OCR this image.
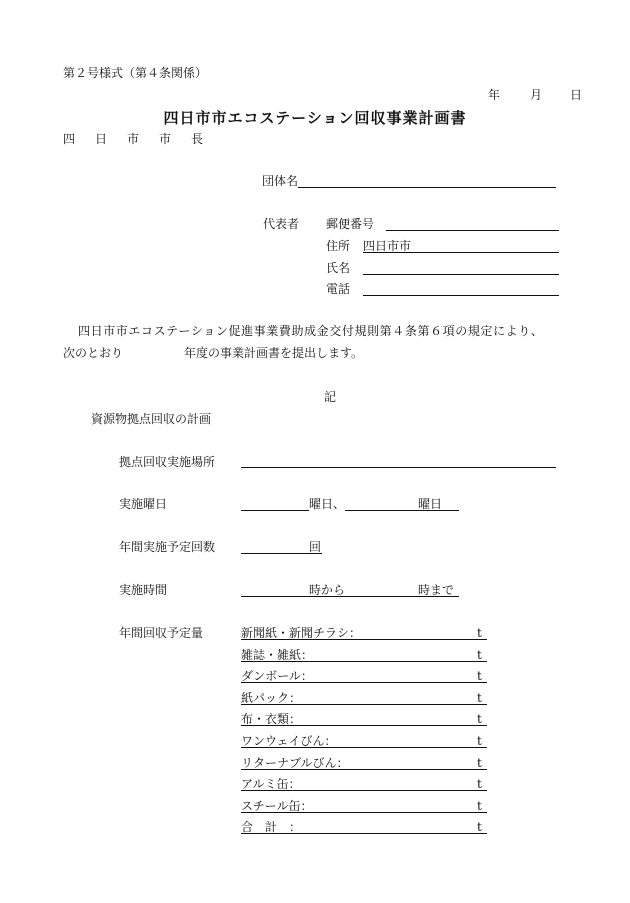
第２号様式（第４条関係）
年 月 日
四日市市エコステーション回収事業計画書
四日市市長
団体名
代表者 郵便番号
住所 四日市市
氏名
電話
四日市市エコステーション促進事業費助成金交付規則第４条第６項の規定により、
次のとおり	年度の事業計画書を提出します。
記
資源物拠点回収の計画
拠点回収実施場所
実施曜日	曜日、	曜日
年間実施予定回数	回
実施時間	時から	時まで
年間回収予定量	新聞紙・新聞チラシ：	t
雑誌・雑紙：	t
ダンボール：	t
紙パック：	t
布・衣類：	t
ワンウェイびん：	t
リターナブルびん：	t
アルミ缶：	t
スチール缶：	t
合　計　：	t
